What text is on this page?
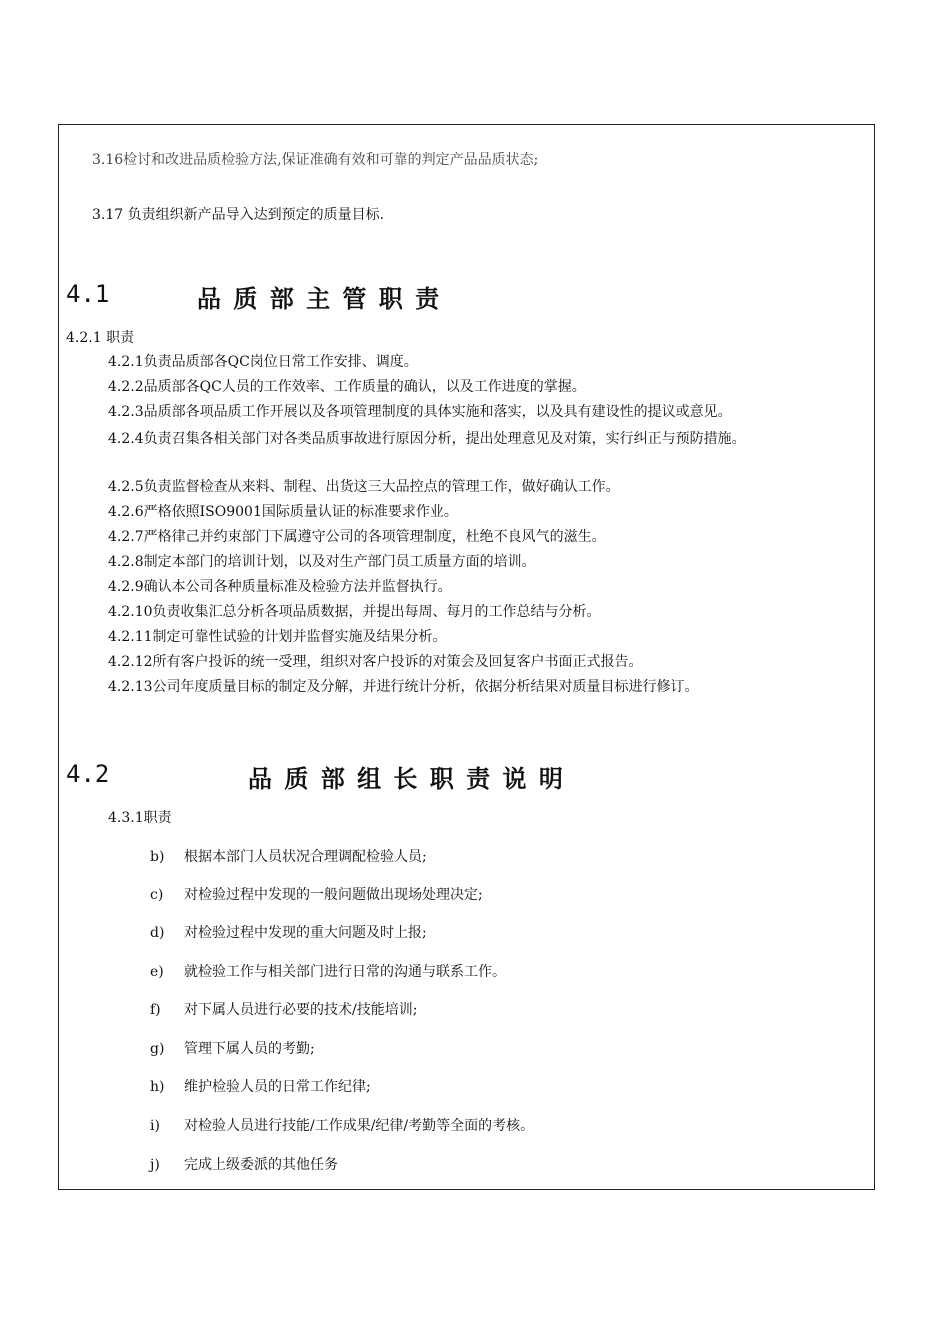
3.16检讨和改进品质检验方法,保证准确有效和可靠的判定产品品质状态;
3.17 负责组织新产品导入达到预定的质量目标.
4.1	品 质 部 主 管 职 责
4.2.1 职责
4.2.1负责品质部各QC岗位日常工作安排、调度。
4.2.2品质部各QC人员的工作效率、工作质量的确认，以及工作进度的掌握。
4.2.3品质部各项品质工作开展以及各项管理制度的具体实施和落实，以及具有建设性的提议或意见。
4.2.4负责召集各相关部门对各类品质事故进行原因分析，提出处理意见及对策，实行纠正与预防措施。
4.2.5负责监督检查从来料、制程、出货这三大品控点的管理工作，做好确认工作。
4.2.6严格依照ISO9001国际质量认证的标准要求作业。
4.2.7严格律己并约束部门下属遵守公司的各项管理制度，杜绝不良风气的滋生。
4.2.8制定本部门的培训计划，以及对生产部门员工质量方面的培训。
4.2.9确认本公司各种质量标准及检验方法并监督执行。
4.2.10负责收集汇总分析各项品质数据，并提出每周、每月的工作总结与分析。
4.2.11制定可靠性试验的计划并监督实施及结果分析。
4.2.12所有客户投诉的统一受理，组织对客户投诉的对策会及回复客户书面正式报告。
4.2.13公司年度质量目标的制定及分解，并进行统计分析，依据分析结果对质量目标进行修订。
4.2	品 质 部 组 长 职 责 说 明
4.3.1职责
b) 根据本部门人员状况合理调配检验人员;
c) 对检验过程中发现的一般问题做出现场处理决定;
d) 对检验过程中发现的重大问题及时上报;
e) 就检验工作与相关部门进行日常的沟通与联系工作。
f) 对下属人员进行必要的技术/技能培训;
g) 管理下属人员的考勤;
h) 维护检验人员的日常工作纪律;
i) 对检验人员进行技能/工作成果/纪律/考勤等全面的考核。
j) 完成上级委派的其他任务
